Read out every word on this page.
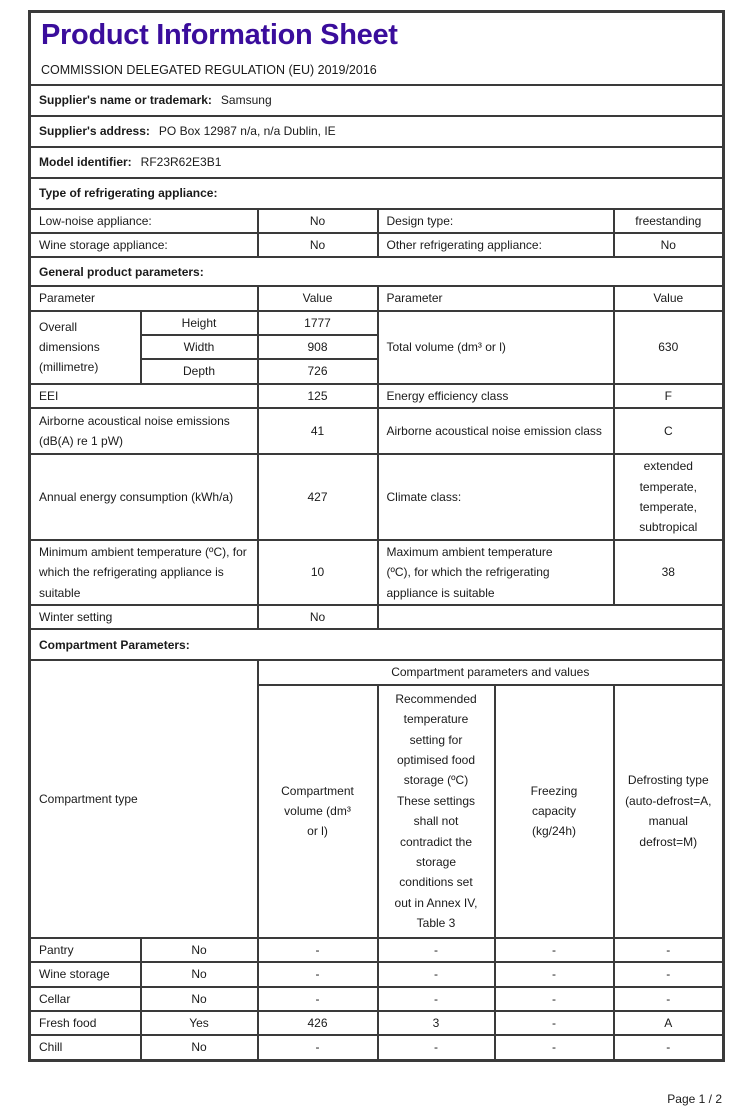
Product Information Sheet
COMMISSION DELEGATED REGULATION (EU) 2019/2016					

Supplier's name or trademark: Samsung					
Supplier's address: PO Box 12987 n/a, n/a Dublin, IE					
Model identifier: RF23R62E3B1					
Type of refrigerating appliance:					
Low-noise appliance:		No	Design type:		freestanding
Wine storage appliance:		No	Other refrigerating appliance:		No
General product parameters:					
Parameter		Value	Parameter		Value
Overall dimensions (millimetre)	Height	1777	Total volume (dm³ or l)		630
	Width	908			
	Depth	726			
EEI		125	Energy efficiency class		F
Airborne acoustical noise emissions (dB(A) re 1 pW)		41	Airborne acoustical noise emission class		C
Annual energy consumption (kWh/a)		427	Climate class:		extended temperate, temperate, subtropical

Minimum ambient temperature (ºC), for which the refrigerating appliance is suitable		10	Maximum ambient temperature (ºC), for which the refrigerating appliance is suitable		38
Winter setting		No			
Compartment Parameters:					
Compartment type		Compartment parameters and values			

		Compartment volume (dm³ or l)	Recommended temperature setting for optimised food storage (ºC) These settings shall not contradict the storage conditions set out in Annex IV, Table 3	Freezing capacity (kg/24h)	Defrosting type (auto-defrost=A, manual defrost=M)

Pantry	No	-	-	-	-
Wine storage	No	-	-	-	-
Cellar	No	-	-	-	-
Fresh food	Yes	426	3	-	A
Chill	No	-	-	-	-
Page 1 / 2
